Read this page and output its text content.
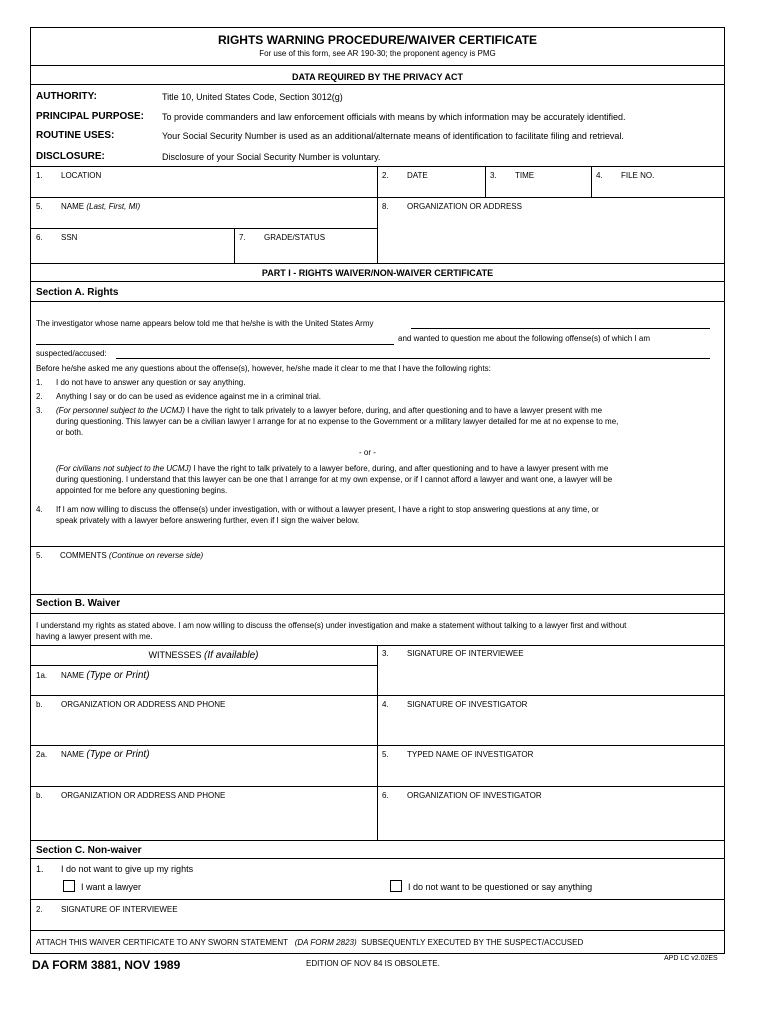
RIGHTS WARNING PROCEDURE/WAIVER CERTIFICATE
For use of this form, see AR 190-30; the proponent agency is PMG
DATA REQUIRED BY THE PRIVACY ACT
AUTHORITY:	Title 10, United States Code, Section 3012(g)
PRINCIPAL PURPOSE: To provide commanders and law enforcement officials with means by which information may be accurately identified.
ROUTINE USES:	Your Social Security Number is used as an additional/alternate means of identification to facilitate filing and retrieval.
DISCLOSURE:	Disclosure of your Social Security Number is voluntary.
1. LOCATION	2. DATE	3. TIME	4. FILE NO.
5. NAME (Last, First, MI)	8. ORGANIZATION OR ADDRESS
6. SSN	7. GRADE/STATUS
PART I - RIGHTS WAIVER/NON-WAIVER CERTIFICATE
Section A. Rights
The investigator whose name appears below told me that he/she is with the United States Army
and wanted to question me about the following offense(s) of which I am
suspected/accused:
Before he/she asked me any questions about the offense(s), however, he/she made it clear to me that I have the following rights:
1. I do not have to answer any question or say anything.
2. Anything I say or do can be used as evidence against me in a criminal trial.
3. (For personnel subject to the UCMJ) I have the right to talk privately to a lawyer before, during, and after questioning and to have a lawyer present with me
during questioning. This lawyer can be a civilian lawyer I arrange for at no expense to the Government or a military lawyer detailed for me at no expense to me,
or both.
- or -
(For civilians not subject to the UCMJ) I have the right to talk privately to a lawyer before, during, and after questioning and to have a lawyer present with me
during questioning. I understand that this lawyer can be one that I arrange for at my own expense, or if I cannot afford a lawyer and want one, a lawyer will be
appointed for me before any questioning begins.
4. If I am now willing to discuss the offense(s) under investigation, with or without a lawyer present, I have a right to stop answering questions at any time, or
speak privately with a lawyer before answering further, even if I sign the waiver below.
5. COMMENTS (Continue on reverse side)
Section B. Waiver
I understand my rights as stated above. I am now willing to discuss the offense(s) under investigation and make a statement without talking to a lawyer first and without
having a lawyer present with me.
WITNESSES (If available)
1a. NAME (Type or Print)
b. ORGANIZATION OR ADDRESS AND PHONE
2a. NAME (Type or Print)
b. ORGANIZATION OR ADDRESS AND PHONE
3. SIGNATURE OF INTERVIEWEE
4. SIGNATURE OF INVESTIGATOR
5. TYPED NAME OF INVESTIGATOR
6. ORGANIZATION OF INVESTIGATOR
Section C. Non-waiver
1. I do not want to give up my rights
I want a lawyer	I do not want to be questioned or say anything
2. SIGNATURE OF INTERVIEWEE
ATTACH THIS WAIVER CERTIFICATE TO ANY SWORN STATEMENT (DA FORM 2823) SUBSEQUENTLY EXECUTED BY THE SUSPECT/ACCUSED
DA FORM 3881, NOV 1989	EDITION OF NOV 84 IS OBSOLETE.
APD LC v2.02ES
